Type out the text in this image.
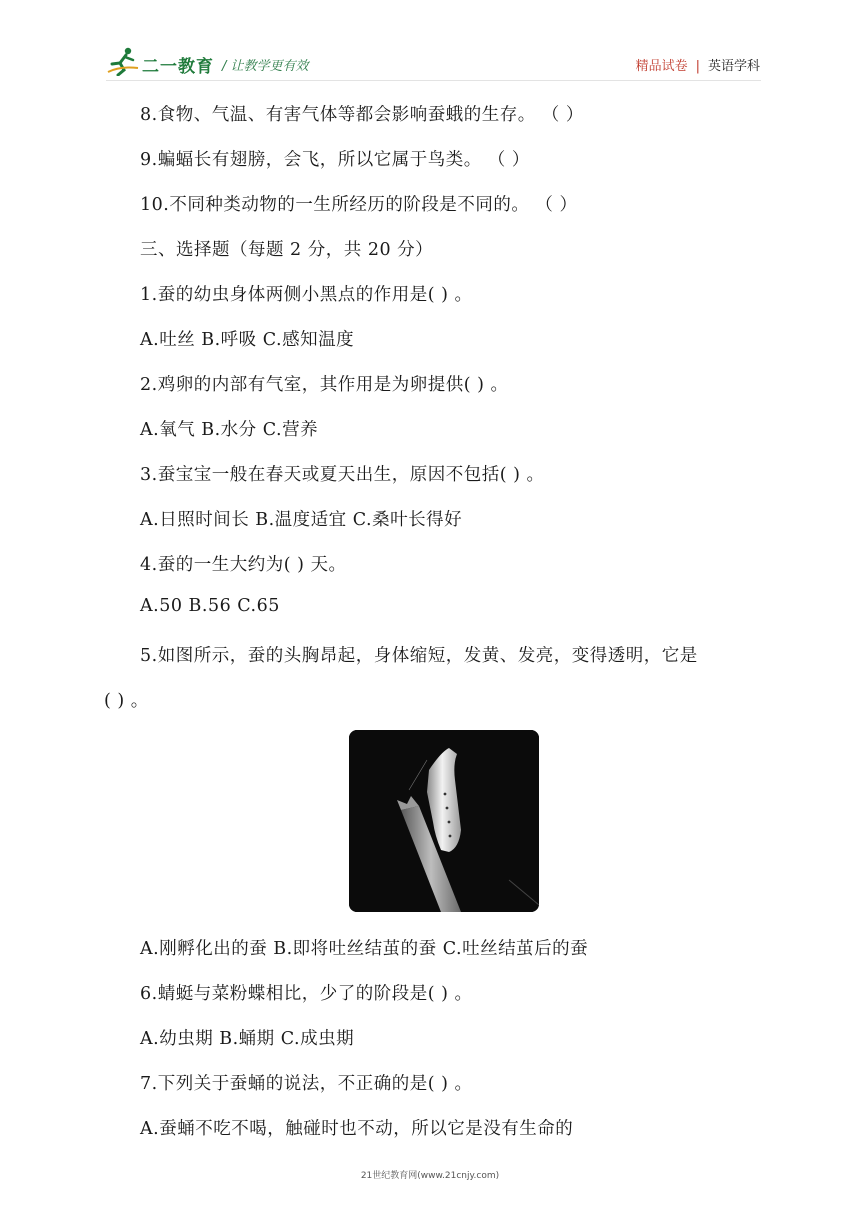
二一教育 / 让教学更有效	精品试卷 | 英语学科
8.食物、气温、有害气体等都会影响蚕蛾的生存。 （ ）
9.蝙蝠长有翅膀，会飞，所以它属于鸟类。 （ ）
10.不同种类动物的一生所经历的阶段是不同的。 （ ）
三、选择题（每题 2 分，共 20 分）
1.蚕的幼虫身体两侧小黑点的作用是( ) 。
A.吐丝 B.呼吸 C.感知温度
2.鸡卵的内部有气室，其作用是为卵提供( ) 。
A.氧气 B.水分 C.营养
3.蚕宝宝一般在春天或夏天出生，原因不包括( ) 。
A.日照时间长 B.温度适宜 C.桑叶长得好
4.蚕的一生大约为( ) 天。
A.50 B.56 C.65
5.如图所示，蚕的头胸昂起，身体缩短，发黄、发亮，变得透明，它是
( ) 。
A.刚孵化出的蚕 B.即将吐丝结茧的蚕 C.吐丝结茧后的蚕
6.蜻蜓与菜粉蝶相比，少了的阶段是( ) 。
A.幼虫期 B.蛹期 C.成虫期
7.下列关于蚕蛹的说法，不正确的是( ) 。
A.蚕蛹不吃不喝，触碰时也不动，所以它是没有生命的
21世纪教育网(www.21cnjy.com)
